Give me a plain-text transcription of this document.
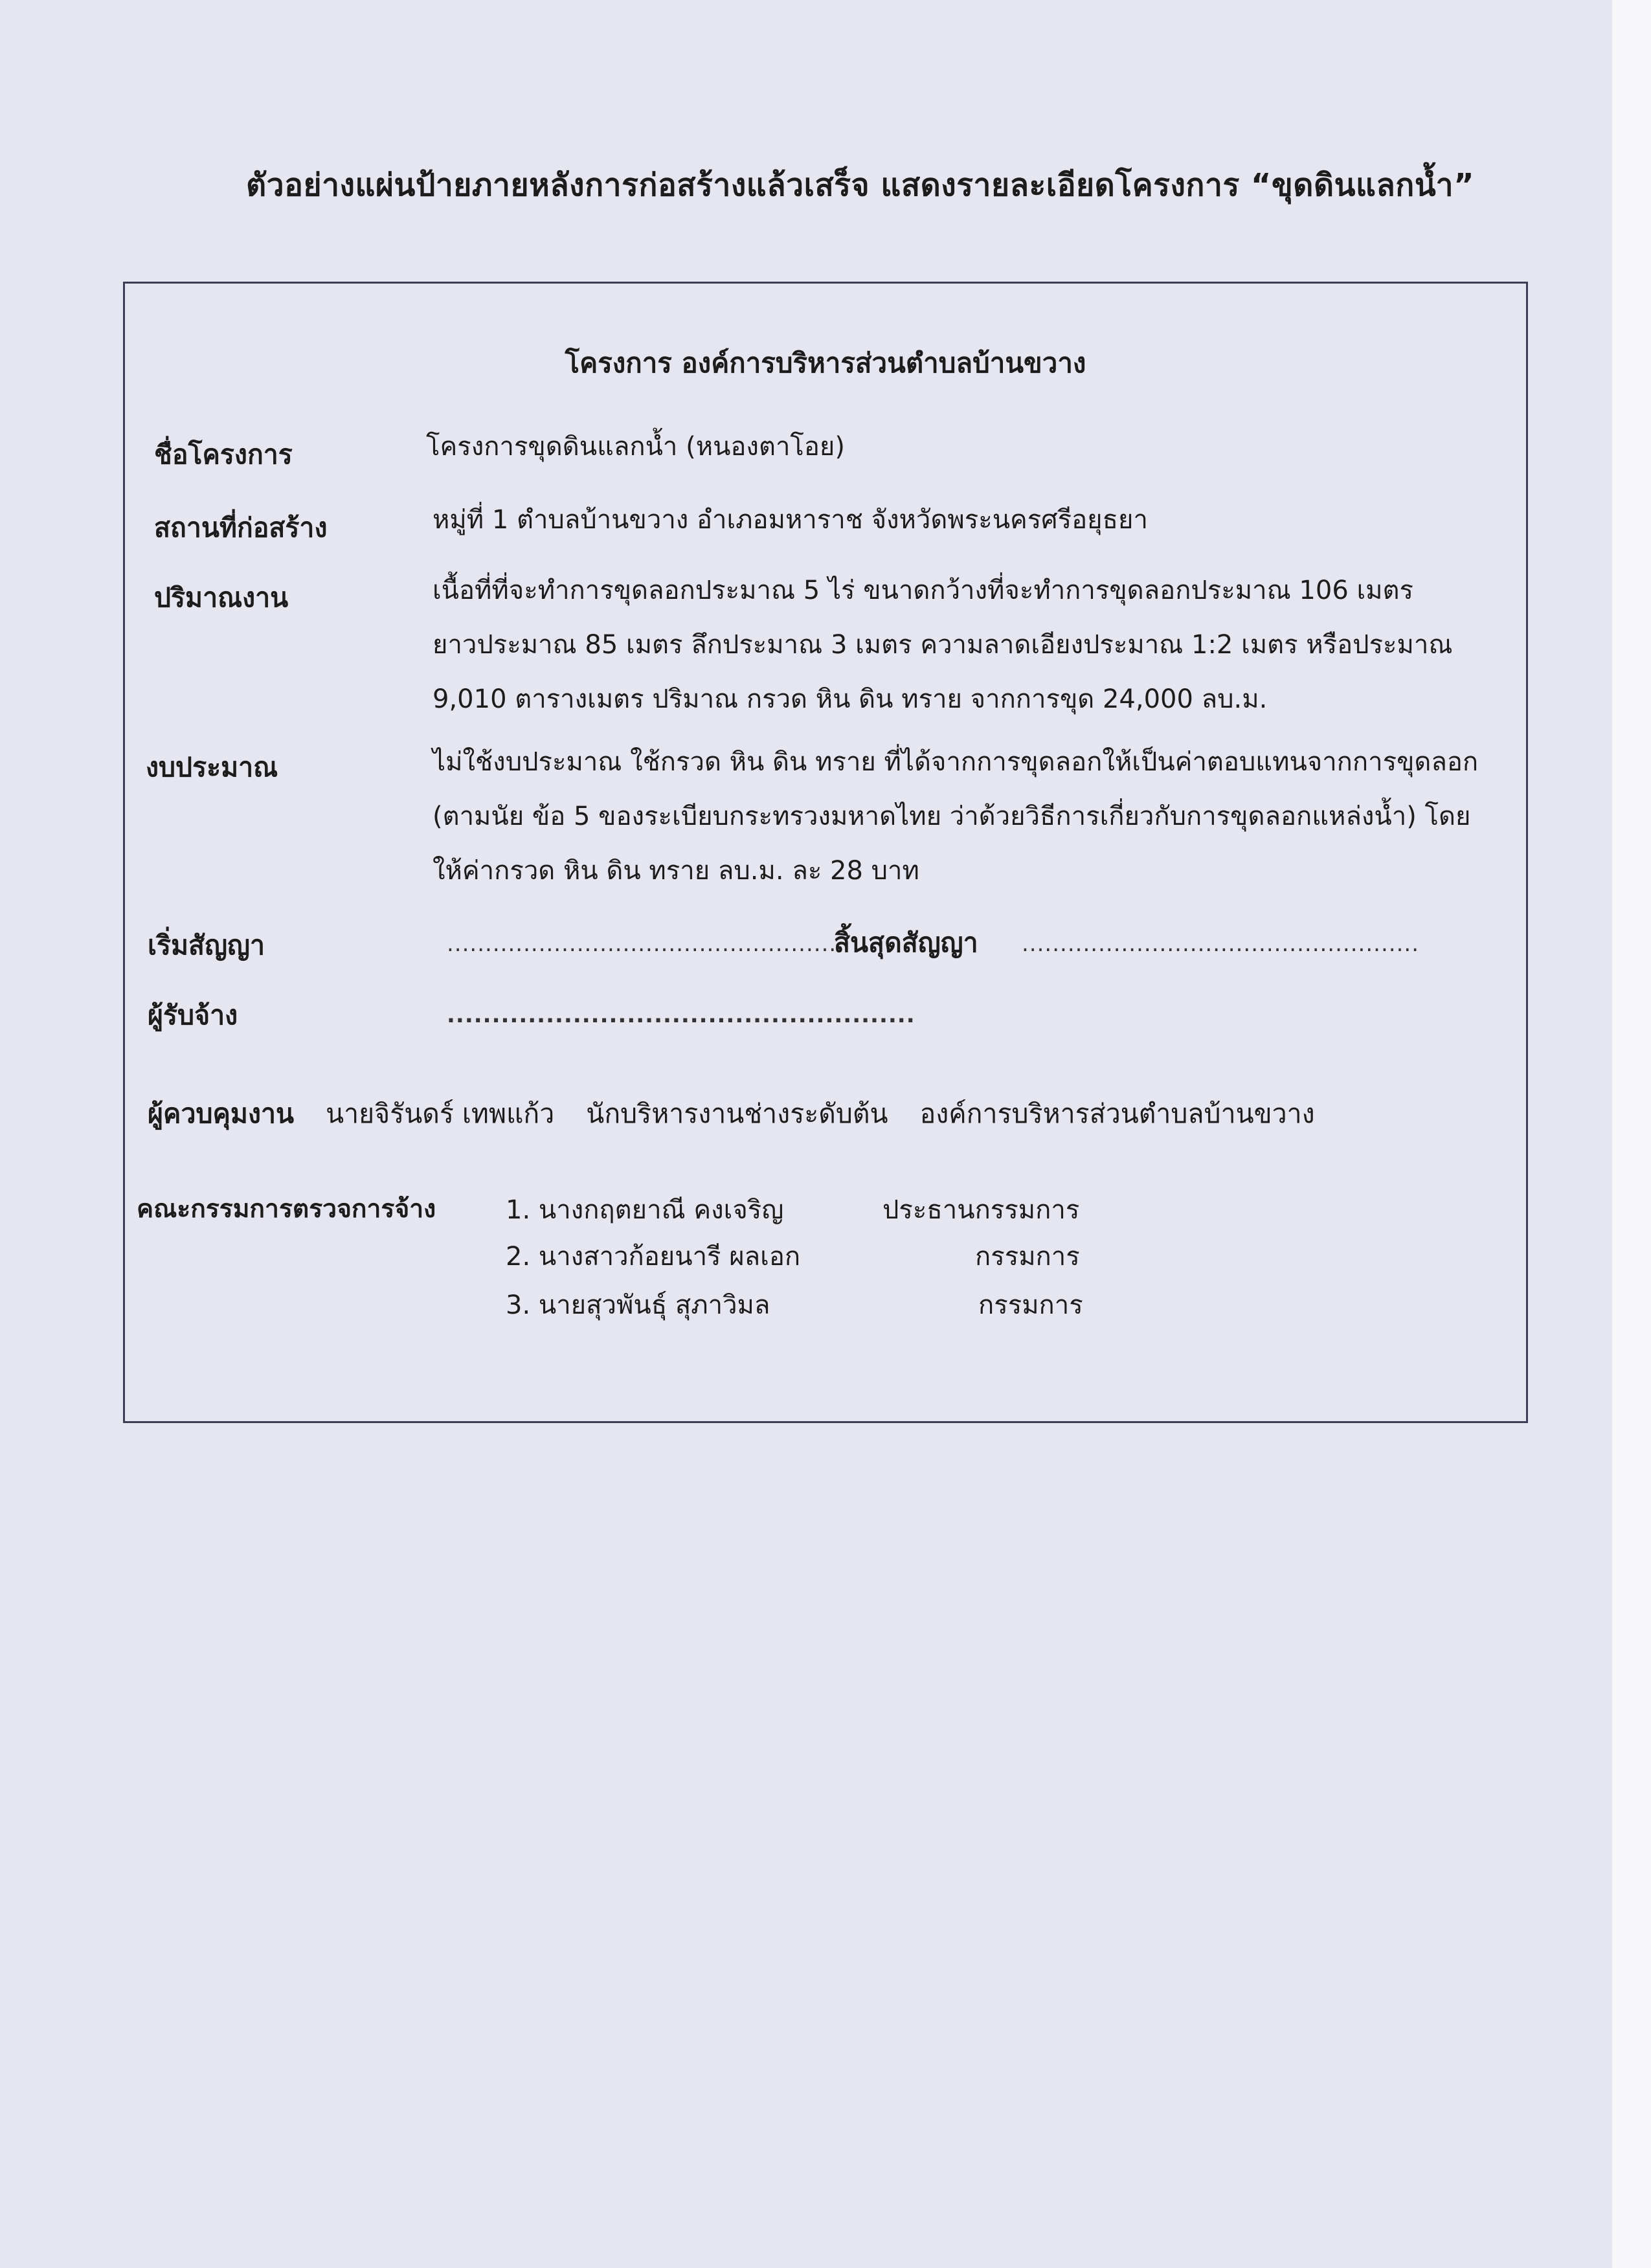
ตัวอย่างแผ่นป้ายภายหลังการก่อสร้างแล้วเสร็จ แสดงรายละเอียดโครงการ “ขุดดินแลกน้ำ”
โครงการ องค์การบริหารส่วนตำบลบ้านขวาง
ชื่อโครงการ	โครงการขุดดินแลกน้ำ (หนองตาโอย)
สถานที่ก่อสร้าง	หมู่ที่ 1 ตำบลบ้านขวาง อำเภอมหาราช จังหวัดพระนครศรีอยุธยา
ปริมาณงาน	เนื้อที่ที่จะทำการขุดลอกประมาณ 5 ไร่ ขนาดกว้างที่จะทำการขุดลอกประมาณ 106 เมตร
ยาวประมาณ 85 เมตร ลึกประมาณ 3 เมตร ความลาดเอียงประมาณ 1:2 เมตร หรือประมาณ
9,010 ตารางเมตร ปริมาณ กรวด หิน ดิน ทราย จากการขุด 24,000 ลบ.ม.
งบประมาณ	ไม่ใช้งบประมาณ ใช้กรวด หิน ดิน ทราย ที่ได้จากการขุดลอกให้เป็นค่าตอบแทนจากการขุดลอก
(ตามนัย ข้อ 5 ของระเบียบกระทรวงมหาดไทย ว่าด้วยวิธีการเกี่ยวกับการขุดลอกแหล่งน้ำ) โดย
ให้ค่ากรวด หิน ดิน ทราย ลบ.ม. ละ 28 บาท
เริ่มสัญญา	....................................................
สิ้นสุดสัญญา ....................................................
ผู้รับจ้าง	....................................................
ผู้ควบคุมงาน นายจิรันดร์ เทพแก้ว นักบริหารงานช่างระดับต้น องค์การบริหารส่วนตำบลบ้านขวาง
คณะกรรมการตรวจการจ้าง	1. นางกฤตยาณี คงเจริญ	ประธานกรรมการ
2. นางสาวก้อยนารี ผลเอก	กรรมการ
3. นายสุวพันธุ์ สุภาวิมล	กรรมการ
